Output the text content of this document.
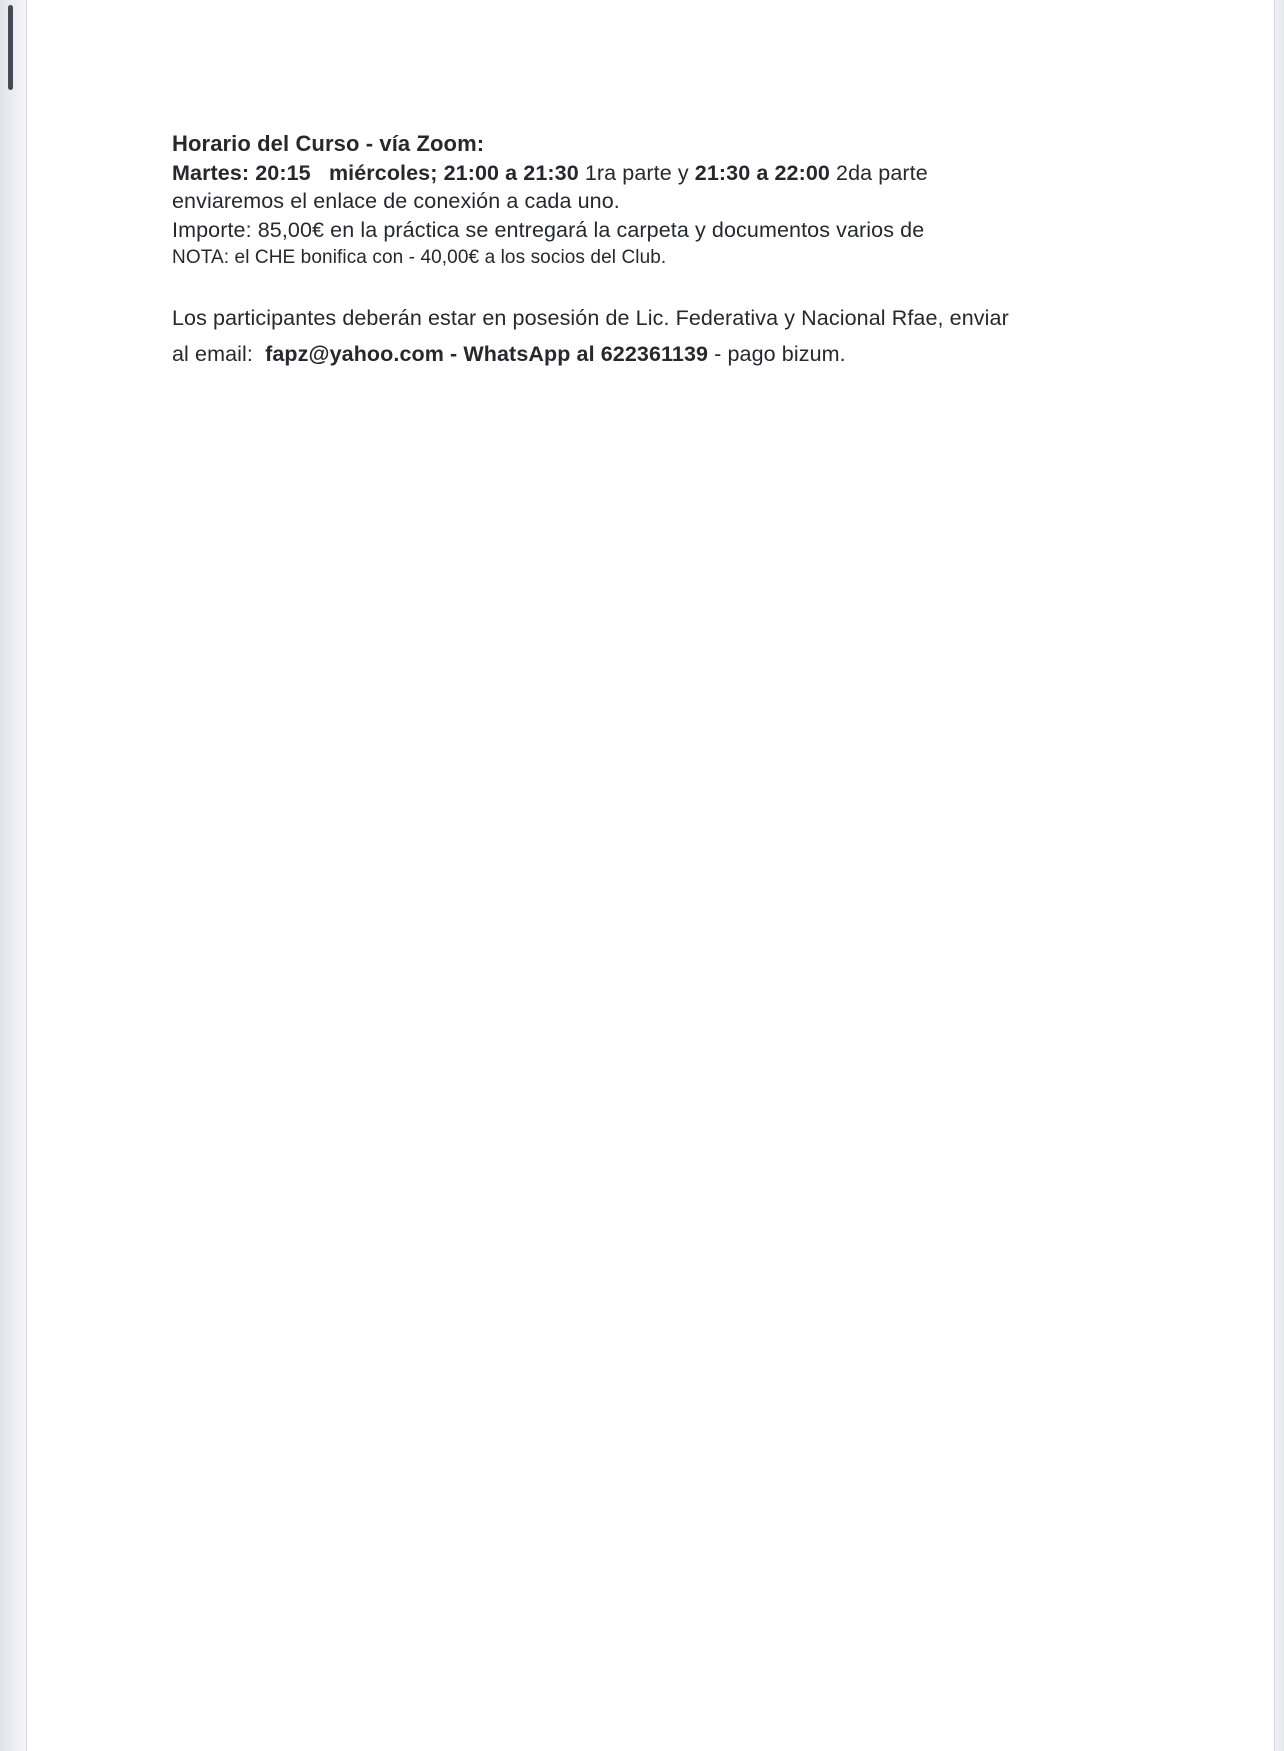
Horario del Curso - vía Zoom:
Martes: 20:15   miércoles; 21:00 a 21:30 1ra parte y 21:30 a 22:00 2da parte
enviaremos el enlace de conexión a cada uno.
Importe: 85,00€ en la práctica se entregará la carpeta y documentos varios de
NOTA: el CHE bonifica con - 40,00€ a los socios del Club.
Los participantes deberán estar en posesión de Lic. Federativa y Nacional Rfae, enviar
al email:  fapz@yahoo.com - WhatsApp al 622361139 - pago bizum.
